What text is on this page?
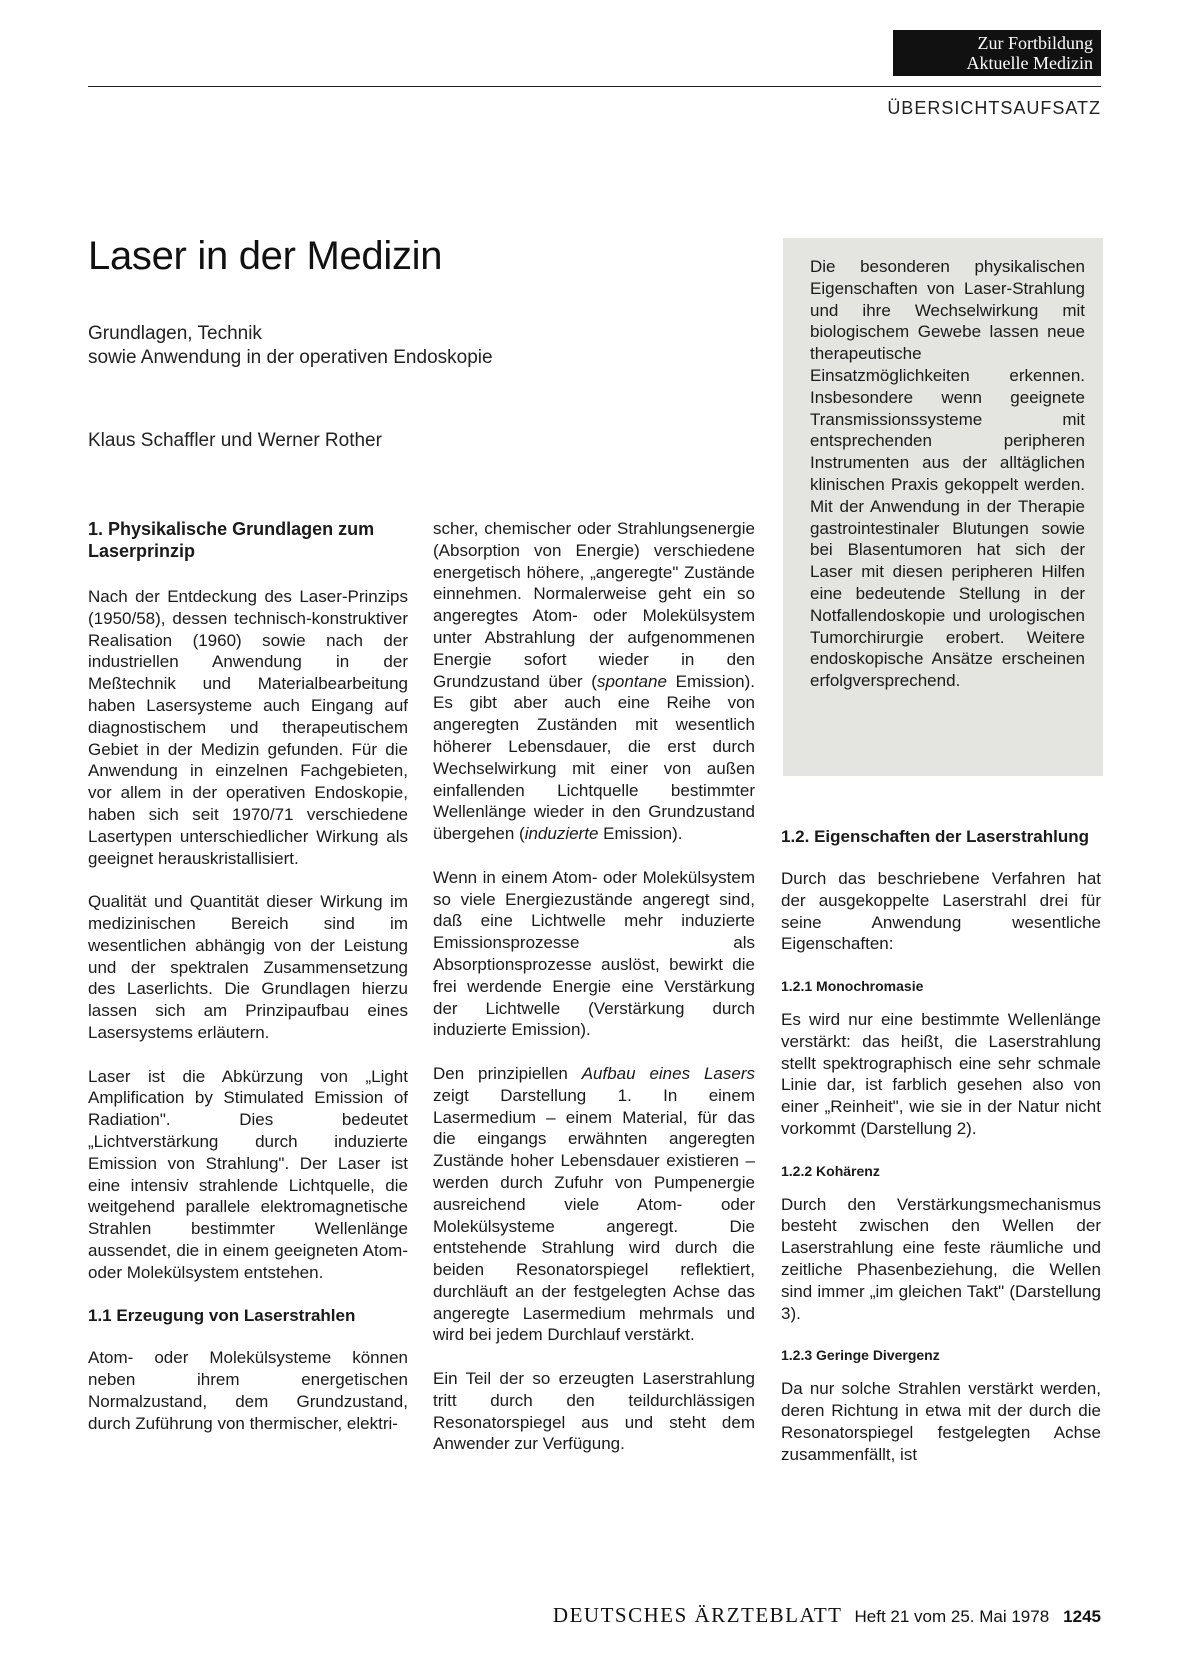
Zur Fortbildung
Aktuelle Medizin
ÜBERSICHTSAUFSATZ
Laser in der Medizin
Grundlagen, Technik
sowie Anwendung in der operativen Endoskopie
Klaus Schaffler und Werner Rother
Die besonderen physikalischen Eigenschaften von Laser-Strahlung und ihre Wechselwirkung mit biologischem Gewebe lassen neue therapeutische Einsatzmöglichkeiten erkennen. Insbesondere wenn geeignete Transmissionssysteme mit entsprechenden peripheren Instrumenten aus der alltäglichen klinischen Praxis gekoppelt werden. Mit der Anwendung in der Therapie gastrointestinaler Blutungen sowie bei Blasentumoren hat sich der Laser mit diesen peripheren Hilfen eine bedeutende Stellung in der Notfallendoskopie und urologischen Tumorchirurgie erobert. Weitere endoskopische Ansätze erscheinen erfolgversprechend.
1. Physikalische Grundlagen zum Laserprinzip

Nach der Entdeckung des Laser-Prinzips (1950/58), dessen technisch-konstruktiver Realisation (1960) sowie nach der industriellen Anwendung in der Meßtechnik und Materialbearbeitung haben Lasersysteme auch Eingang auf diagnostischem und therapeutischem Gebiet in der Medizin gefunden. Für die Anwendung in einzelnen Fachgebieten, vor allem in der operativen Endoskopie, haben sich seit 1970/71 verschiedene Lasertypen unterschiedlicher Wirkung als geeignet herauskristallisiert.

Qualität und Quantität dieser Wirkung im medizinischen Bereich sind im wesentlichen abhängig von der Leistung und der spektralen Zusammensetzung des Laserlichts. Die Grundlagen hierzu lassen sich am Prinzipaufbau eines Lasersystems erläutern.

Laser ist die Abkürzung von „Light Amplification by Stimulated Emission of Radiation". Dies bedeutet „Lichtverstärkung durch induzierte Emission von Strahlung". Der Laser ist eine intensiv strahlende Lichtquelle, die weitgehend parallele elektromagnetische Strahlen bestimmter Wellenlänge aussendet, die in einem geeigneten Atom- oder Molekülsystem entstehen.

1.1 Erzeugung von Laserstrahlen

Atom- oder Molekülsysteme können neben ihrem energetischen Normalzustand, dem Grundzustand, durch Zuführung von thermischer, elektri-

scher, chemischer oder Strahlungsenergie (Absorption von Energie) verschiedene energetisch höhere, „angeregte" Zustände einnehmen. Normalerweise geht ein so angeregtes Atom- oder Molekülsystem unter Abstrahlung der aufgenommenen Energie sofort wieder in den Grundzustand über (spontane Emission). Es gibt aber auch eine Reihe von angeregten Zuständen mit wesentlich höherer Lebensdauer, die erst durch Wechselwirkung mit einer von außen einfallenden Lichtquelle bestimmter Wellenlänge wieder in den Grundzustand übergehen (induzierte Emission).

Wenn in einem Atom- oder Molekülsystem so viele Energiezustände angeregt sind, daß eine Lichtwelle mehr induzierte Emissionsprozesse als Absorptionsprozesse auslöst, bewirkt die frei werdende Energie eine Verstärkung der Lichtwelle (Verstärkung durch induzierte Emission).

Den prinzipiellen Aufbau eines Lasers zeigt Darstellung 1. In einem Lasermedium – einem Material, für das die eingangs erwähnten angeregten Zustände hoher Lebensdauer existieren – werden durch Zufuhr von Pumpenergie ausreichend viele Atom- oder Molekülsysteme angeregt. Die entstehende Strahlung wird durch die beiden Resonatorspiegel reflektiert, durchläuft an der festgelegten Achse das angeregte Lasermedium mehrmals und wird bei jedem Durchlauf verstärkt.

Ein Teil der so erzeugten Laserstrahlung tritt durch den teildurchlässigen Resonatorspiegel aus und steht dem Anwender zur Verfügung.

1.2. Eigenschaften der Laserstrahlung

Durch das beschriebene Verfahren hat der ausgekoppelte Laserstrahl drei für seine Anwendung wesentliche Eigenschaften:

1.2.1 Monochromasie

Es wird nur eine bestimmte Wellenlänge verstärkt: das heißt, die Laserstrahlung stellt spektrographisch eine sehr schmale Linie dar, ist farblich gesehen also von einer „Reinheit", wie sie in der Natur nicht vorkommt (Darstellung 2).

1.2.2 Kohärenz

Durch den Verstärkungsmechanismus besteht zwischen den Wellen der Laserstrahlung eine feste räumliche und zeitliche Phasenbeziehung, die Wellen sind immer „im gleichen Takt" (Darstellung 3).

1.2.3 Geringe Divergenz

Da nur solche Strahlen verstärkt werden, deren Richtung in etwa mit der durch die Resonatorspiegel festgelegten Achse zusammenfällt, ist

DEUTSCHES ÄRZTEBLATT Heft 21 vom 25. Mai 1978 1245
